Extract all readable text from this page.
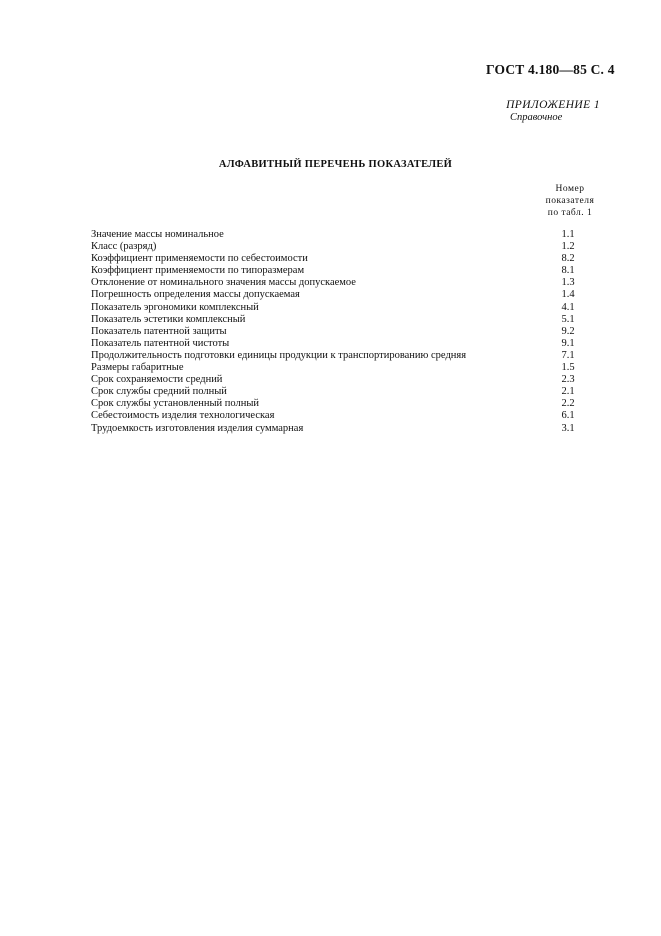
ГОСТ 4.180—85 С. 4
ПРИЛОЖЕНИЕ 1
Справочное
АЛФАВИТНЫЙ ПЕРЕЧЕНЬ ПОКАЗАТЕЛЕЙ
Номер
показателя
по табл. 1
Значение массы номинальное	1.1
Класс (разряд)	1.2
Коэффициент применяемости по себестоимости	8.2
Коэффициент применяемости по типоразмерам	8.1
Отклонение от номинального значения массы допускаемое	1.3
Погрешность определения массы допускаемая	1.4
Показатель эргономики комплексный	4.1
Показатель эстетики комплексный	5.1
Показатель патентной защиты	9.2
Показатель патентной чистоты	9.1
Продолжительность подготовки единицы продукции к транспортированию средняя	7.1
Размеры габаритные	1.5
Срок сохраняемости средний	2.3
Срок службы средний полный	2.1
Срок службы установленный полный	2.2
Себестоимость изделия технологическая	6.1
Трудоемкость изготовления изделия суммарная	3.1
